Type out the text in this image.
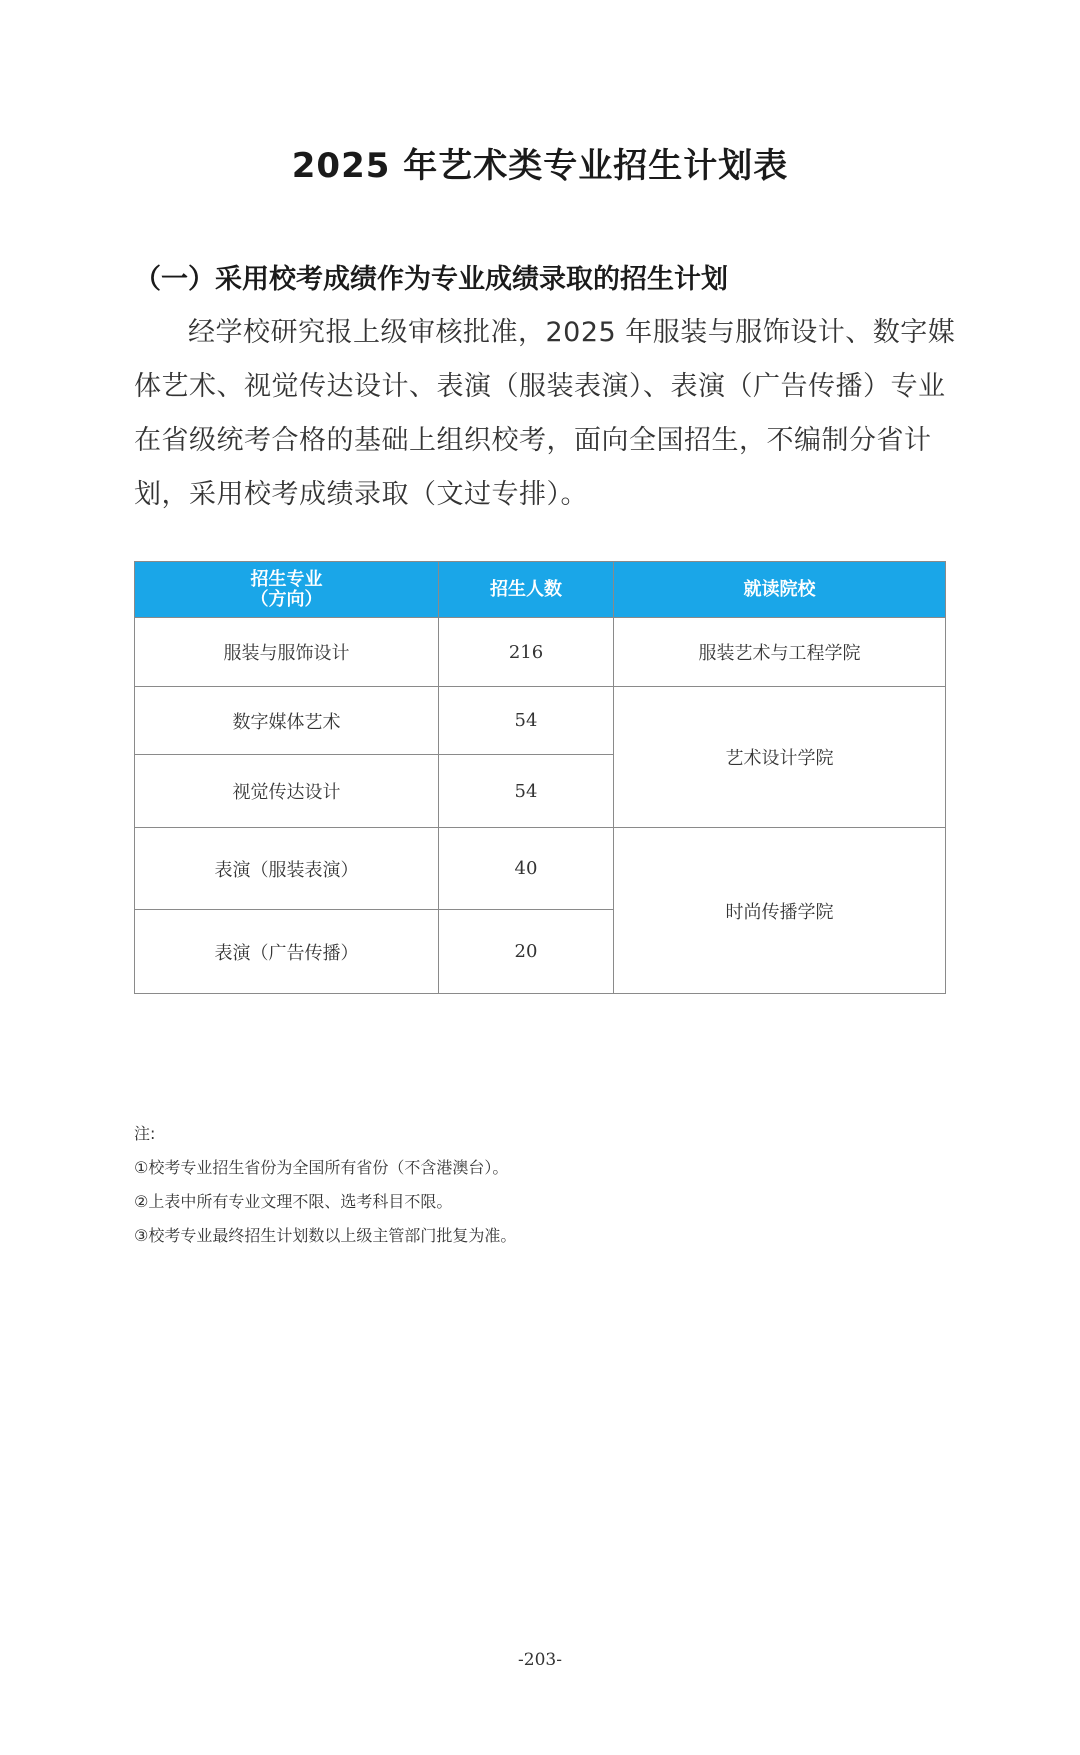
2025 年艺术类专业招生计划表
（一）采用校考成绩作为专业成绩录取的招生计划
经学校研究报上级审核批准，2025 年服装与服饰设计、数字媒体艺术、视觉传达设计、表演（服装表演）、表演（广告传播）专业在省级统考合格的基础上组织校考，面向全国招生，不编制分省计划，采用校考成绩录取（文过专排）。
招生专业
（方向）	招生人数	就读院校
服装与服饰设计	216	服装艺术与工程学院
数字媒体艺术	54	艺术设计学院
视觉传达设计	54	
表演（服装表演）	40	时尚传播学院
表演（广告传播）	20	
注:
①校考专业招生省份为全国所有省份（不含港澳台）。
②上表中所有专业文理不限、选考科目不限。
③校考专业最终招生计划数以上级主管部门批复为准。
-203-
